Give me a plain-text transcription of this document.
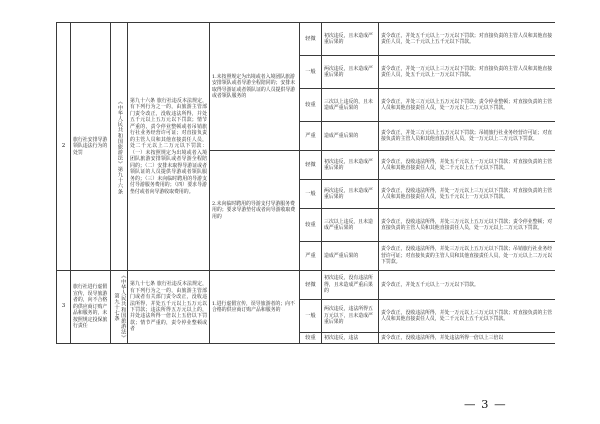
2	旅行社安排导游领队违法行为的处罚	《中华人民共和国旅游法》第九十六条	第九十六条 旅行社违反本法规定，有下列行为之一的，由旅游主管部门责令改正，没收违法所得，并处五千元以上五万元以下罚款；情节严重的，责令停业整顿或者吊销旅行社业务经营许可证；对直接负责的主管人员和其他直接责任人员，处二千元以上二万元以下罚款：（一）未按照规定为出境或者入境团队旅游安排领队或者导游全程陪同的；（二）安排未取得导游证或者领队证的人员提供导游或者领队服务的；（三）未向临时聘用的导游支付导游服务费用的；（四）要求导游垫付或者向导游收取费用的。	1.未按照规定为出境或者入境团队旅游安排领队或者导游全程陪同的；安排未取得导游证或者领队证的人员提供导游或者领队服务的	轻微	初次违反，且未造成严重后果的	责令改正，并处五千元以上一万元以下罚款；对直接负责的主管人员和其他直接责任人员，处二千元以上五千元以下罚款。
					一般	两次违反，且未造成严重后果的	责令改正，并处一万元以上三万元以下罚款；对直接负责的主管人员和其他直接责任人员，处五千元以上一万元以下罚款。
					较重	三次以上违反的，且未造成严重后果的	责令改正，并处三万元以上五万元以下罚款；责令停业整顿；对直接负责的主管人员和其他直接责任人员，处一万元以上二万元以下罚款。
					严重	造成严重后果的	责令改正，并处三万元以上五万元以下罚款；吊销旅行社业务经营许可证；对直接负责的主管人员和其他直接责任人员，处一万元以上二万元以下罚款。
				2.未向临时聘用的导游支付导游服务费用的；要求导游垫付或者向导游收取费用的	轻微	初次违反，且未造成严重后果的	责令改正，没收违法所得，并处五千元以上一万元以下罚款；对直接负责的主管人员和其他直接责任人员，处二千元以上五千元以下罚款。
					一般	两次违反，且未造成严重后果的	责令改正，没收违法所得，并处一万元以上三万元以下罚款；对直接负责的主管人员和其他直接责任人员，处五千元以上一万元以下罚款。
					较重	三次以上违反，且未造成严重后果的	责令改正，没收违法所得，并处三万元以上五万元以下罚款；责令停业整顿；对直接负责的主管人员和其他直接责任人员，处一万元以上二万元以下罚款。
					严重	造成严重后果的	责令改正，没收违法所得，并处三万元以上五万元以下罚款；吊销旅行社业务经营许可证；对直接负责的主管人员和其他直接责任人员，处一万元以上二万元以下罚款。
3	旅行社进行虚假宣传，误导旅游者的，向不合格的供应商订购产品和服务的，未按照规定投保旅行责任	《中华人民共和国旅游法》第九十七条	第九十七条 旅行社违反本法规定，有下列行为之一的，由旅游主管部门或者有关部门责令改正，没收违法所得，并处五千元以上五万元以下罚款；违法所得五万元以上的，并处违法所得一倍以上五倍以下罚款；情节严重的，责令停业整顿或者	1.进行虚假宣传，误导旅游者的；向不合格的供应商订购产品和服务的	轻微	初次违反，没有违法所得，且未造成严重后果的	责令改正，并处五千元以上一万元以下罚款。
					一般	两次违反，违法所得五万元以下，且未造成严重后果的	责令改正，没收违法所得，并处一万元以上三万元以下罚款；对直接负责的主管人员和其他直接责任人员，处二千元以上五千元以下罚款。
					较重	初次违反，违法	责令改正，没收违法所得，并处违法所得一倍以上三倍以
— 3 —
